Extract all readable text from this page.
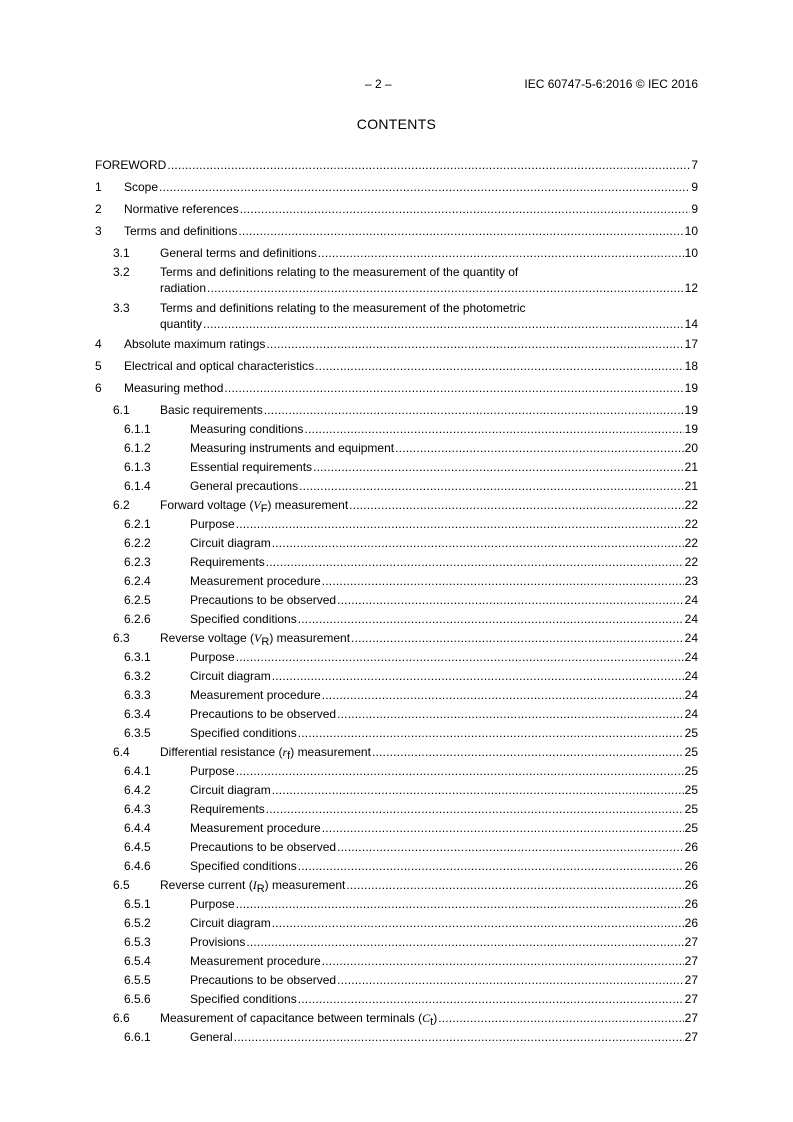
– 2 –	IEC 60747-5-6:2016 © IEC 2016
CONTENTS
FOREWORD .....	7
1 Scope .....	9
2 Normative references .....	9
3 Terms and definitions .....	10
3.1	General terms and definitions .....	10
3.2	Terms and definitions relating to the measurement of the quantity of
radiation .....	12
3.3	Terms and definitions relating to the measurement of the photometric
quantity .....	14
4 Absolute maximum ratings .....	17
5 Electrical and optical characteristics .....	18
6 Measuring method .....	19
6.1	Basic requirements .....	19
6.1.1	Measuring conditions .....	19
6.1.2	Measuring instruments and equipment .....	20
6.1.3	Essential requirements .....	21
6.1.4	General precautions .....	21
6.2	Forward voltage (VF) measurement .....	22
6.2.1	Purpose .....	22
6.2.2	Circuit diagram .....	22
6.2.3	Requirements .....	22
6.2.4	Measurement procedure .....	23
6.2.5	Precautions to be observed .....	24
6.2.6	Specified conditions .....	24
6.3	Reverse voltage (VR) measurement .....	24
6.3.1	Purpose .....	24
6.3.2	Circuit diagram .....	24
6.3.3	Measurement procedure .....	24
6.3.4	Precautions to be observed .....	24
6.3.5	Specified conditions .....	25
6.4	Differential resistance (rf) measurement .....	25
6.4.1	Purpose .....	25
6.4.2	Circuit diagram .....	25
6.4.3	Requirements .....	25
6.4.4	Measurement procedure .....	25
6.4.5	Precautions to be observed .....	26
6.4.6	Specified conditions .....	26
6.5	Reverse current (IR) measurement .....	26
6.5.1	Purpose .....	26
6.5.2	Circuit diagram .....	26
6.5.3	Provisions .....	27
6.5.4	Measurement procedure .....	27
6.5.5	Precautions to be observed .....	27
6.5.6	Specified conditions .....	27
6.6	Measurement of capacitance between terminals (Ct) .....	27
6.6.1	General .....	27
